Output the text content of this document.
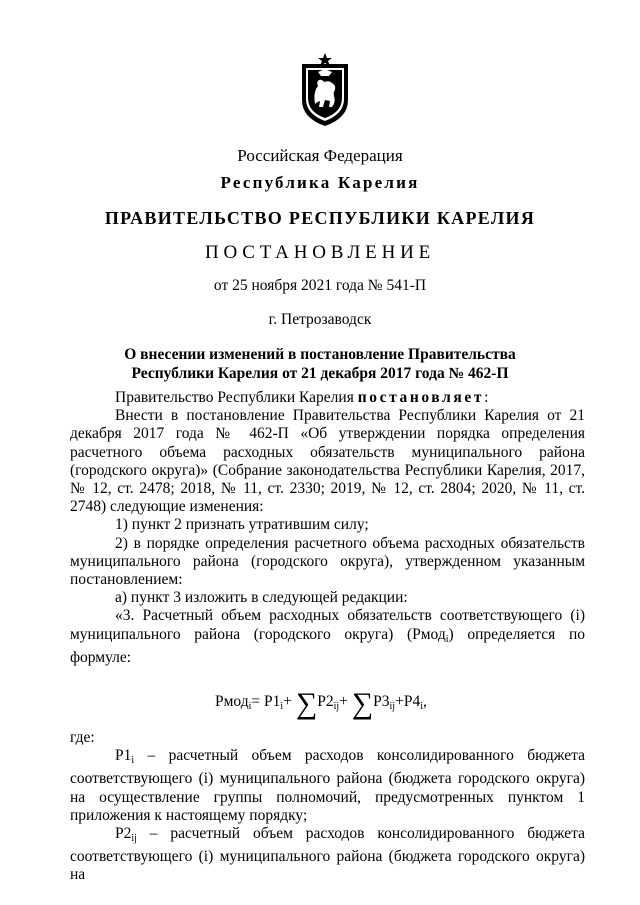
Российская Федерация
Республика Карелия
ПРАВИТЕЛЬСТВО РЕСПУБЛИКИ КАРЕЛИЯ
ПОСТАНОВЛЕНИЕ
от 25 ноября 2021 года № 541-П
г. Петрозаводск
О внесении изменений в постановление Правительства
Республики Карелия от 21 декабря 2017 года № 462-П
Правительство Республики Карелия постановляет:
Внести в постановление Правительства Республики Карелия от 21 декабря 2017 года № 462-П «Об утверждении порядка определения расчетного объема расходных обязательств муниципального района (городского округа)» (Собрание законодательства Республики Карелия, 2017, № 12, ст. 2478; 2018, № 11, ст. 2330; 2019, № 12, ст. 2804; 2020, № 11, ст. 2748) следующие изменения:
1) пункт 2 признать утратившим силу;
2) в порядке определения расчетного объема расходных обязательств муниципального района (городского округа), утвержденном указанным постановлением:
а) пункт 3 изложить в следующей редакции:
«3. Расчетный объем расходных обязательств соответствующего (i) муниципального района (городского округа) (Рмод$_i$) определяется по формуле:
Рмод$_i$= $Р1_i+ \sum Р2_{ij}+ \sum Р3_{ij}+Р4_i$,
где:
$Р1_i$ – расчетный объем расходов консолидированного бюджета соответствующего (i) муниципального района (бюджета городского округа) на осуществление группы полномочий, предусмотренных пунктом 1 приложения к настоящему порядку;
$Р2_{ij}$ – расчетный объем расходов консолидированного бюджета соответствующего (i) муниципального района (бюджета городского округа) на
